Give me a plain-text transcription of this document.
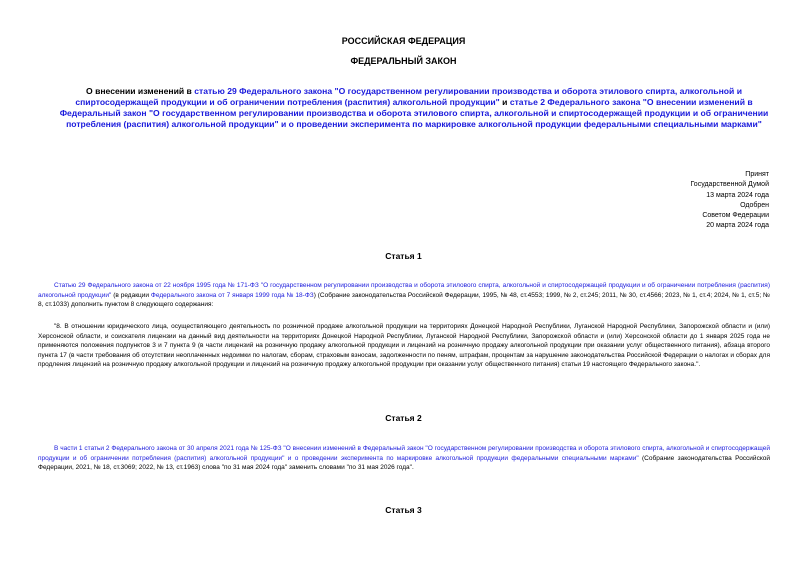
РОССИЙСКАЯ ФЕДЕРАЦИЯ
ФЕДЕРАЛЬНЫЙ ЗАКОН
О внесении изменений в статью 29 Федерального закона "О государственном регулировании производства и оборота этилового спирта, алкогольной и спиртосодержащей продукции и об ограничении потребления (распития) алкогольной продукции" и статье 2 Федерального закона "О внесении изменений в Федеральный закон "О государственном регулировании производства и оборота этилового спирта, алкогольной и спиртосодержащей продукции и об ограничении потребления (распития) алкогольной продукции" и о проведении эксперимента по маркировке алкогольной продукции федеральными специальными марками"
Принят
Государственной Думой
13 марта 2024 года
Одобрен
Советом Федерации
20 марта 2024 года
Статья 1
Статью 29 Федерального закона от 22 ноября 1995 года № 171-ФЗ "О государственном регулировании производства и оборота этилового спирта, алкогольной и спиртосодержащей продукции и об ограничении потребления (распития) алкогольной продукции" (в редакции Федерального закона от 7 января 1999 года № 18-ФЗ) (Собрание законодательства Российской Федерации, 1995, № 48, ст.4553; 1999, № 2, ст.245; 2011, № 30, ст.4566; 2023, № 1, ст.4; 2024, № 1, ст.5; № 8, ст.1033) дополнить пунктом 8 следующего содержания:
"8. В отношении юридического лица, осуществляющего деятельность по розничной продаже алкогольной продукции на территориях Донецкой Народной Республики, Луганской Народной Республики, Запорожской области и (или) Херсонской области, и соискателя лицензии на данный вид деятельности на территориях Донецкой Народной Республики, Луганской Народной Республики, Запорожской области и (или) Херсонской области до 1 января 2025 года не применяются положения подпунктов 3 и 7 пункта 9 (в части лицензий на розничную продажу алкогольной продукции и лицензий на розничную продажу алкогольной продукции при оказании услуг общественного питания), абзаца второго пункта 17 (в части требования об отсутствии неоплаченных недоимки по налогам, сборам, страховым взносам, задолженности по пеням, штрафам, процентам за нарушение законодательства Российской Федерации о налогах и сборах для продления лицензий на розничную продажу алкогольной продукции и лицензий на розничную продажу алкогольной продукции при оказании услуг общественного питания) статьи 19 настоящего Федерального закона.".
Статья 2
В части 1 статьи 2 Федерального закона от 30 апреля 2021 года № 125-ФЗ "О внесении изменений в Федеральный закон "О государственном регулировании производства и оборота этилового спирта, алкогольной и спиртосодержащей продукции и об ограничении потребления (распития) алкогольной продукции" и о проведении эксперимента по маркировке алкогольной продукции федеральными специальными марками" (Собрание законодательства Российской Федерации, 2021, № 18, ст.3069; 2022, № 13, ст.1963) слова "по 31 мая 2024 года" заменить словами "по 31 мая 2026 года".
Статья 3
